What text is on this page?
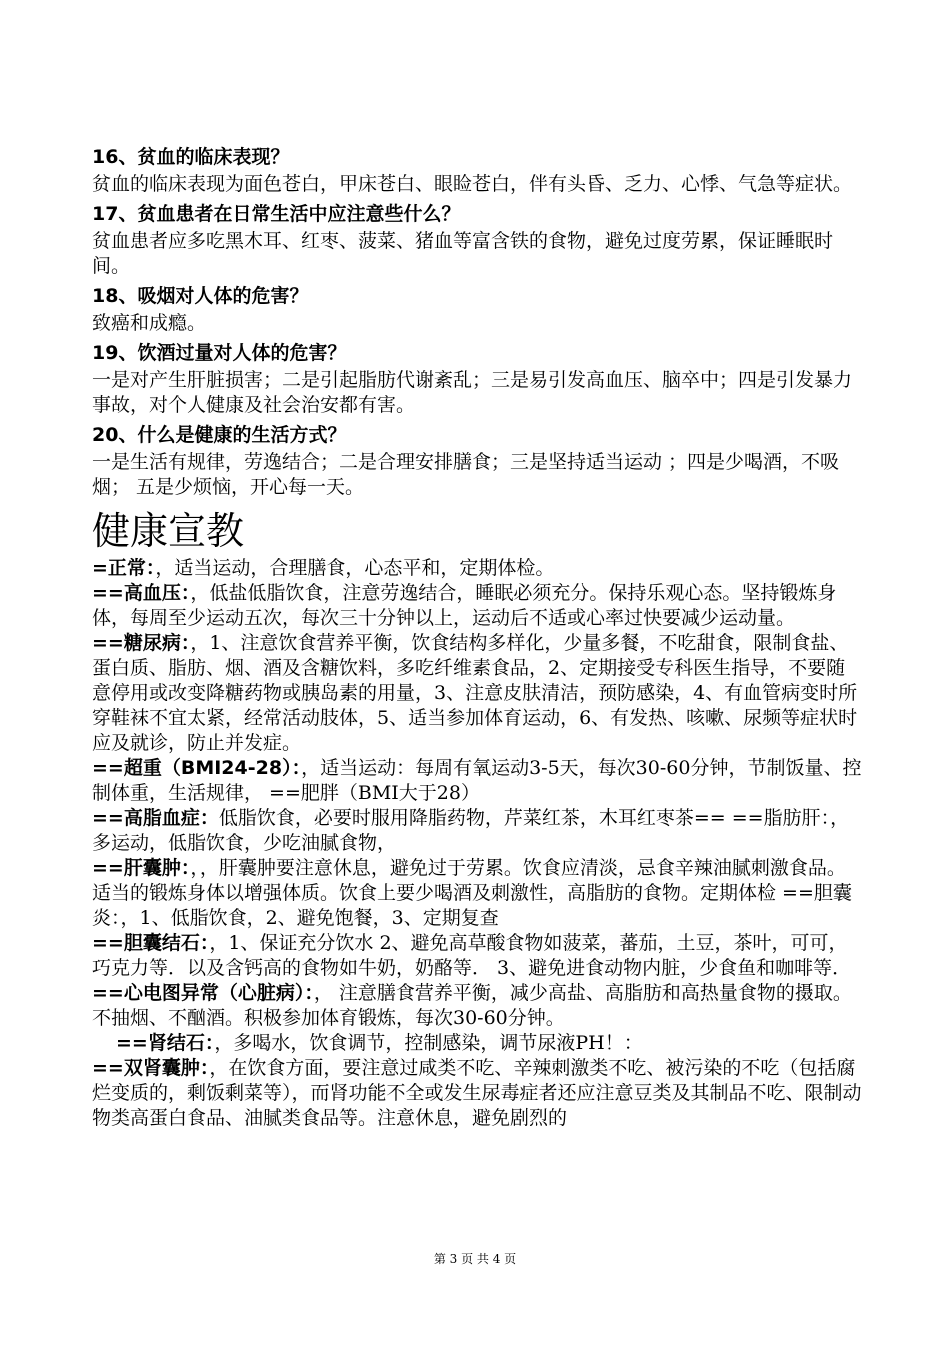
16、贫血的临床表现？

贫血的临床表现为面色苍白，甲床苍白、眼睑苍白，伴有头昏、乏力、心悸、气急等症状。

17、贫血患者在日常生活中应注意些什么？

贫血患者应多吃黑木耳、红枣、菠菜、猪血等富含铁的食物，避免过度劳累，保证睡眠时间。

18、吸烟对人体的危害？

致癌和成瘾。

19、饮酒过量对人体的危害？

一是对产生肝脏损害；二是引起脂肪代谢紊乱；三是易引发高血压、脑卒中；四是引发暴力事故，对个人健康及社会治安都有害。

20、什么是健康的生活方式？

一是生活有规律，劳逸结合；二是合理安排膳食；三是坚持适当运动 ；四是少喝酒，不吸烟； 五是少烦恼，开心每一天。

健康宣教

=正常：，适当运动，合理膳食，心态平和，定期体检。

==高血压：，低盐低脂饮食，注意劳逸结合，睡眠必须充分。保持乐观心态。坚持锻炼身体，每周至少运动五次，每次三十分钟以上，运动后不适或心率过快要减少运动量。

==糖尿病：，1、注意饮食营养平衡，饮食结构多样化，少量多餐，不吃甜食，限制食盐、蛋白质、脂肪、烟、酒及含糖饮料，多吃纤维素食品，2、定期接受专科医生指导，不要随意停用或改变降糖药物或胰岛素的用量，3、注意皮肤清洁，预防感染，4、有血管病变时所穿鞋袜不宜太紧，经常活动肢体，5、适当参加体育运动，6、有发热、咳嗽、尿频等症状时应及就诊，防止并发症。

==超重（BMI24-28）：，适当运动：每周有氧运动3-5天，每次30-60分钟，节制饭量、控制体重，生活规律， ==肥胖（BMI大于28）

==高脂血症：低脂饮食，必要时服用降脂药物，芹菜红茶，木耳红枣茶== ==脂肪肝：，多运动，低脂饮食，少吃油腻食物，

==肝囊肿：，，肝囊肿要注意休息，避免过于劳累。饮食应清淡，忌食辛辣油腻刺激食品。适当的锻炼身体以增强体质。饮食上要少喝酒及刺激性，高脂肪的食物。定期体检 ==胆囊炎：，1、低脂饮食，2、避免饱餐，3、定期复查

==胆囊结石：，1、保证充分饮水 2、避免高草酸食物如菠菜，蕃茄，土豆，茶叶，可可，巧克力等．以及含钙高的食物如牛奶，奶酪等． 3、避免进食动物内脏，少食鱼和咖啡等．

==心电图异常（心脏病）：， 注意膳食营养平衡，减少高盐、高脂肪和高热量食物的摄取。不抽烟、不酗酒。积极参加体育锻炼，每次30-60分钟。

==肾结石：，多喝水，饮食调节，控制感染，调节尿液PH！：

==双肾囊肿：，在饮食方面，要注意过咸类不吃、辛辣刺激类不吃、被污染的不吃（包括腐烂变质的，剩饭剩菜等），而肾功能不全或发生尿毒症者还应注意豆类及其制品不吃、限制动物类高蛋白食品、油腻类食品等。注意休息，避免剧烈的

第 3 页 共 4 页
